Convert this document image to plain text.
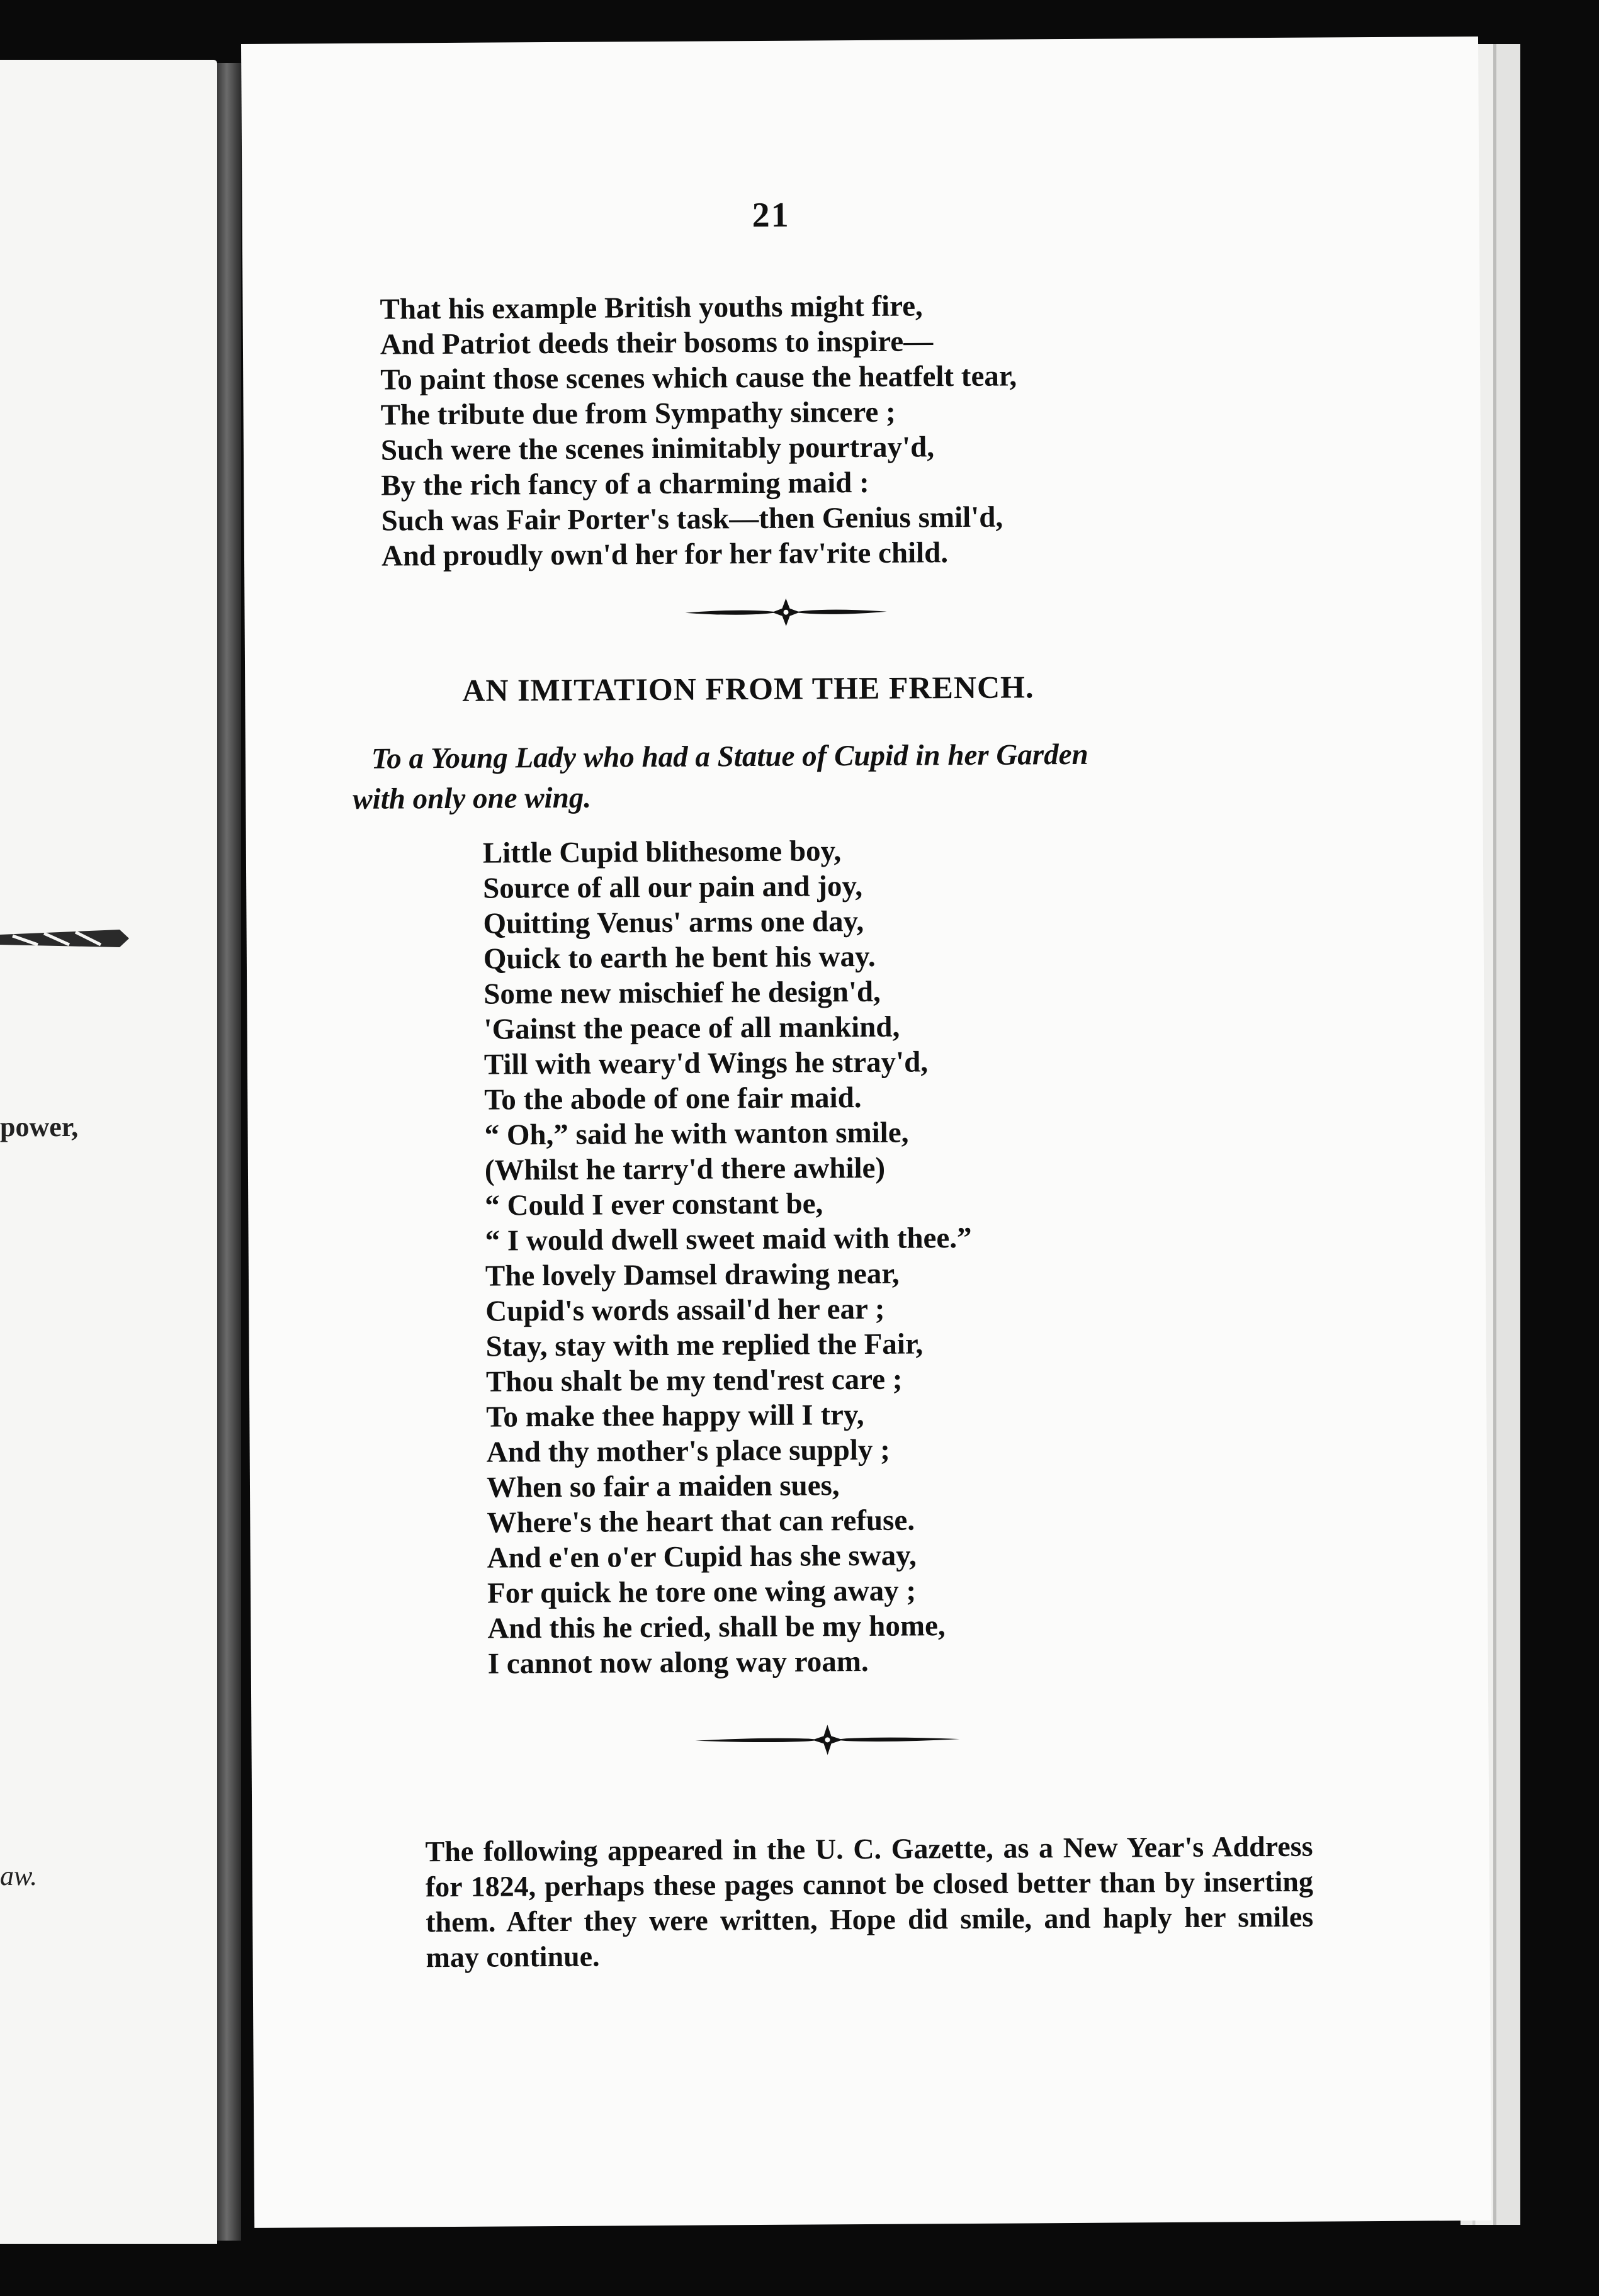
power,
aw.
21
That his example British youths might fire,
And Patriot deeds their bosoms to inspire—
To paint those scenes which cause the heatfelt tear,
The tribute due from Sympathy sincere ;
Such were the scenes inimitably pourtray'd,
By the rich fancy of a charming maid :
Such was Fair Porter's task—then Genius smil'd,
And proudly own'd her for her fav'rite child.
AN IMITATION FROM THE FRENCH.
To a Young Lady who had a Statue of Cupid in her Garden
with only one wing.
Little Cupid blithesome boy,
Source of all our pain and joy,
Quitting Venus' arms one day,
Quick to earth he bent his way.
Some new mischief he design'd,
'Gainst the peace of all mankind,
Till with weary'd Wings he stray'd,
To the abode of one fair maid.
“ Oh,” said he with wanton smile,
(Whilst he tarry'd there awhile)
“ Could I ever constant be,
“ I would dwell sweet maid with thee.”
The lovely Damsel drawing near,
Cupid's words assail'd her ear ;
Stay, stay with me replied the Fair,
Thou shalt be my tend'rest care ;
To make thee happy will I try,
And thy mother's place supply ;
When so fair a maiden sues,
Where's the heart that can refuse.
And e'en o'er Cupid has she sway,
For quick he tore one wing away ;
And this he cried, shall be my home,
I cannot now along way roam.

The following appeared in the U. C. Gazette, as a New Year's Address for 1824, perhaps these pages cannot be closed better than by inserting them. After they were written, Hope did smile, and haply her smiles may continue.
